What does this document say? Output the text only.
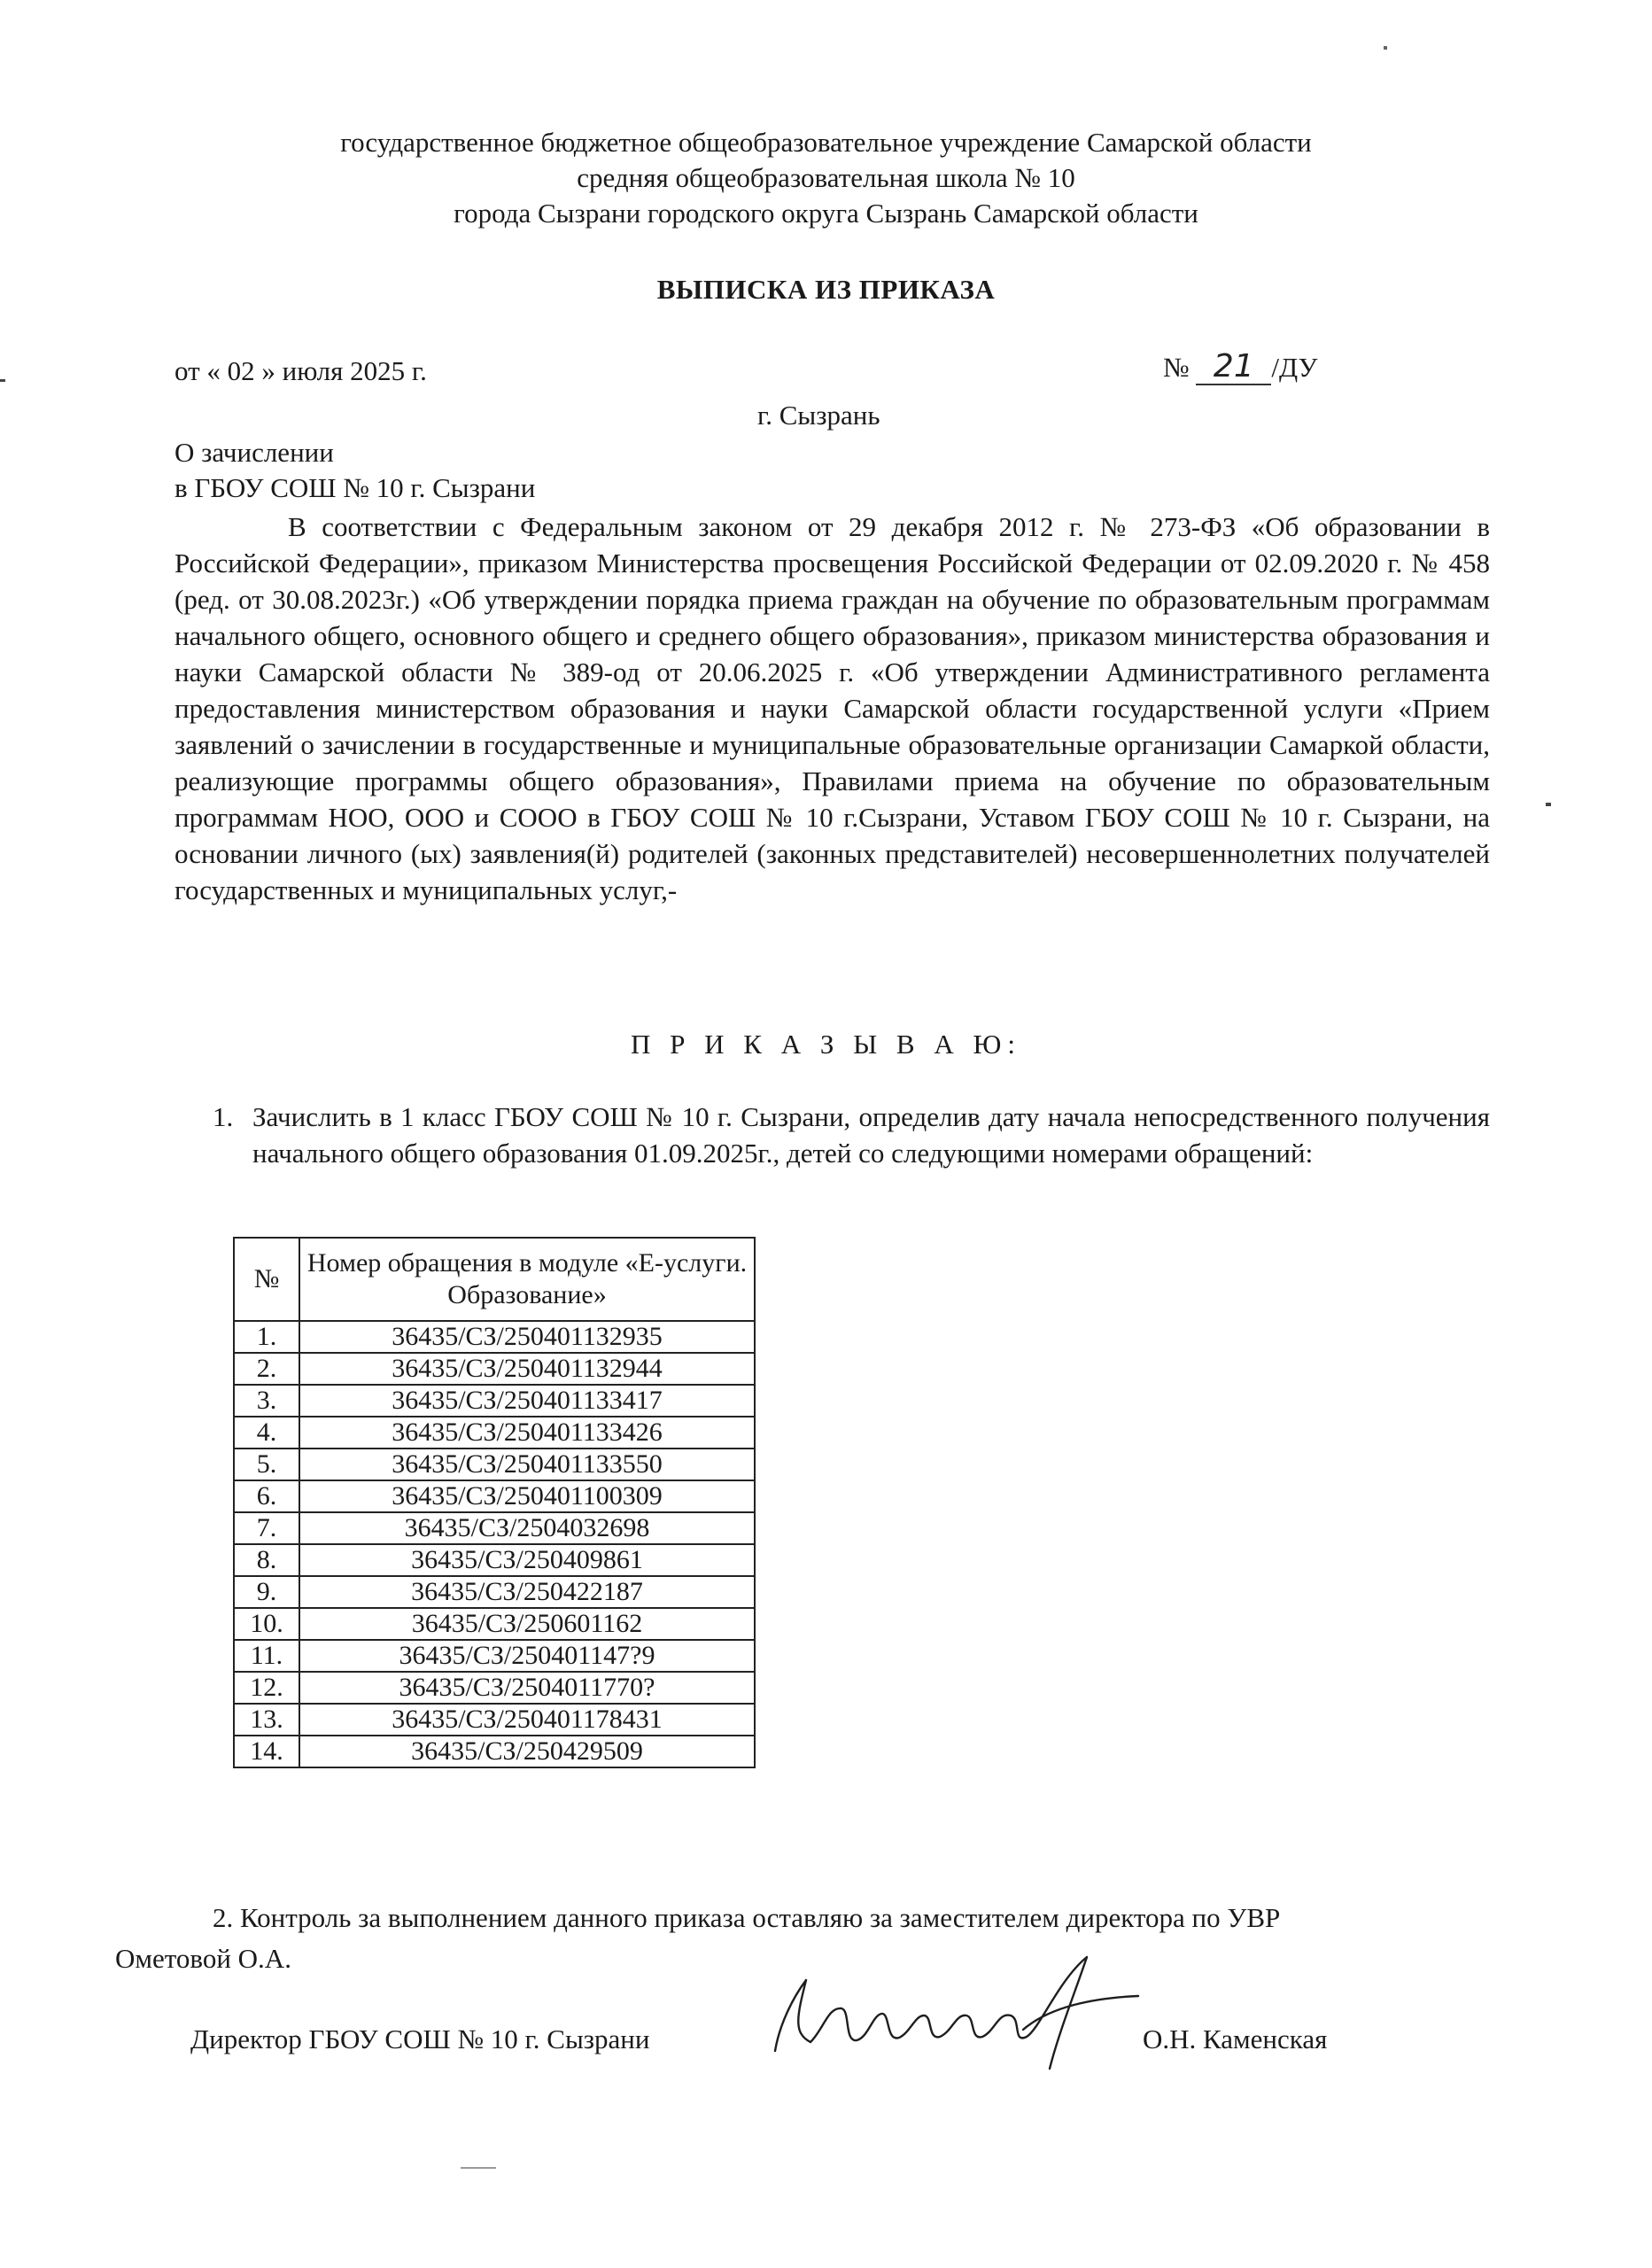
государственное бюджетное общеобразовательное учреждение Самарской области
средняя общеобразовательная школа № 10
города Сызрани городского округа Сызрань Самарской области
ВЫПИСКА ИЗ ПРИКАЗА
от « 02 » июля 2025 г.	№ 21 /ДУ
г. Сызрань
О зачислении
в ГБОУ СОШ № 10 г. Сызрани

В соответствии с Федеральным законом от 29 декабря 2012 г. № 273-ФЗ «Об образовании в Российской Федерации», приказом Министерства просвещения Российской Федерации от 02.09.2020 г. № 458 (ред. от 30.08.2023г.) «Об утверждении порядка приема граждан на обучение по образовательным программам начального общего, основного общего и среднего общего образования», приказом министерства образования и науки Самарской области № 389-од от 20.06.2025 г. «Об утверждении Административного регламента предоставления министерством образования и науки Самарской области государственной услуги «Прием заявлений о зачислении в государственные и муниципальные образовательные организации Самаркой области, реализующие программы общего образования», Правилами приема на обучение по образовательным программам НОО, ООО и СООО в ГБОУ СОШ № 10 г.Сызрани, Уставом ГБОУ СОШ № 10 г. Сызрани, на основании личного (ых) заявления(й) родителей (законных представителей) несовершеннолетних получателей государственных и муниципальных услуг,-

П Р И К А З Ы В А Ю:
1. Зачислить в 1 класс ГБОУ СОШ № 10 г. Сызрани, определив дату начала непосредственного получения начального общего образования 01.09.2025г., детей со следующими номерами обращений:

№	Номер обращения в модуле «Е-услуги. Образование»
1.	36435/СЗ/250401132935
2.	36435/СЗ/250401132944
3.	36435/СЗ/250401133417
4.	36435/СЗ/250401133426
5.	36435/СЗ/250401133550
6.	36435/СЗ/250401100309
7.	36435/СЗ/2504032698
8.	36435/СЗ/250409861
9.	36435/СЗ/250422187
10.	36435/СЗ/250601162
11.	36435/СЗ/250401147?9
12.	36435/СЗ/2504011770?
13.	36435/СЗ/250401178431
14.	36435/СЗ/250429509
2. Контроль за выполнением данного приказа оставляю за заместителем директора по УВР
Ометовой О.А.
Директор ГБОУ СОШ № 10 г. Сызрани	О.Н. Каменская
